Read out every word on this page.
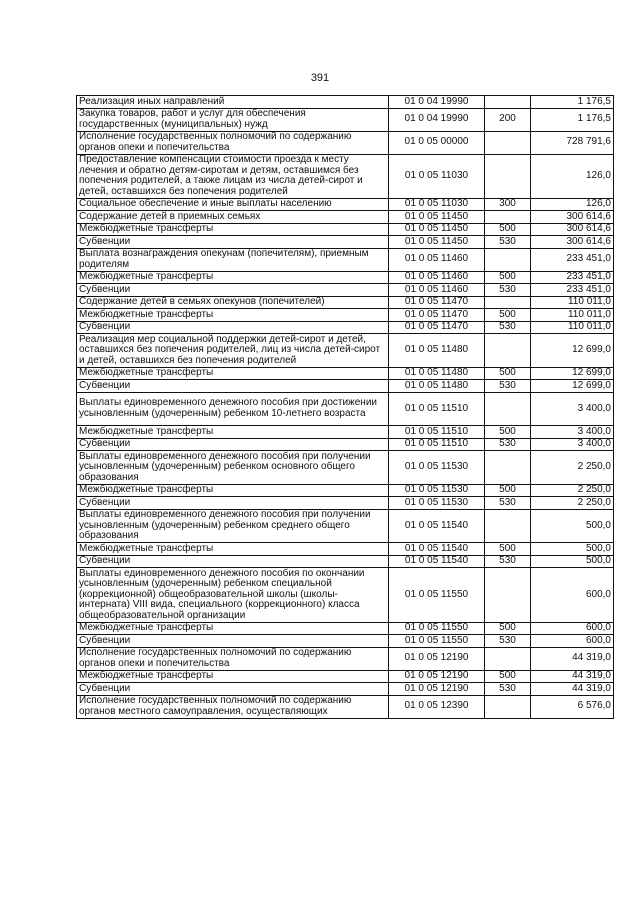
391
Реализация иных направлений	01 0 04 19990		1 176,5
Закупка товаров, работ и услуг для обеспечения государственных (муниципальных) нужд	01 0 04 19990	200	1 176,5
Исполнение государственных полномочий по содержанию органов опеки и попечительства	01 0 05 00000		728 791,6
Предоставление компенсации стоимости проезда к месту лечения и обратно детям-сиротам и детям, оставшимся без попечения родителей, а также лицам из числа детей-сирот и детей, оставшихся без попечения родителей	01 0 05 11030		126,0
Социальное обеспечение и иные выплаты населению	01 0 05 11030	300	126,0
Содержание детей в приемных семьях	01 0 05 11450		300 614,6
Межбюджетные трансферты	01 0 05 11450	500	300 614,6
Субвенции	01 0 05 11450	530	300 614,6
Выплата вознаграждения опекунам (попечителям), приемным родителям	01 0 05 11460		233 451,0
Межбюджетные трансферты	01 0 05 11460	500	233 451,0
Субвенции	01 0 05 11460	530	233 451,0
Содержание детей в семьях опекунов (попечителей)	01 0 05 11470		110 011,0
Межбюджетные трансферты	01 0 05 11470	500	110 011,0
Субвенции	01 0 05 11470	530	110 011,0
Реализация мер социальной поддержки детей-сирот и детей, оставшихся без попечения родителей, лиц из числа детей-сирот и детей, оставшихся без попечения родителей	01 0 05 11480		12 699,0
Межбюджетные трансферты	01 0 05 11480	500	12 699,0
Субвенции	01 0 05 11480	530	12 699,0
Выплаты единовременного денежного пособия при достижении усыновленным (удочеренным) ребенком 10-летнего возраста	01 0 05 11510		3 400,0
Межбюджетные трансферты	01 0 05 11510	500	3 400,0
Субвенции	01 0 05 11510	530	3 400,0
Выплаты единовременного денежного пособия при получении усыновленным (удочеренным) ребенком основного общего образования	01 0 05 11530		2 250,0
Межбюджетные трансферты	01 0 05 11530	500	2 250,0
Субвенции	01 0 05 11530	530	2 250,0
Выплаты единовременного денежного пособия при получении усыновленным (удочеренным) ребенком среднего общего образования	01 0 05 11540		500,0
Межбюджетные трансферты	01 0 05 11540	500	500,0
Субвенции	01 0 05 11540	530	500,0
Выплаты единовременного денежного пособия по окончании усыновленным (удочеренным) ребенком специальной (коррекционной) общеобразовательной школы (школы-интерната) VIII вида, специального (коррекционного) класса общеобразовательной организации	01 0 05 11550		600,0
Межбюджетные трансферты	01 0 05 11550	500	600,0
Субвенции	01 0 05 11550	530	600,0
Исполнение государственных полномочий по содержанию органов опеки и попечительства	01 0 05 12190		44 319,0
Межбюджетные трансферты	01 0 05 12190	500	44 319,0
Субвенции	01 0 05 12190	530	44 319,0
Исполнение государственных полномочий по содержанию органов местного самоуправления, осуществляющих	01 0 05 12390		6 576,0
